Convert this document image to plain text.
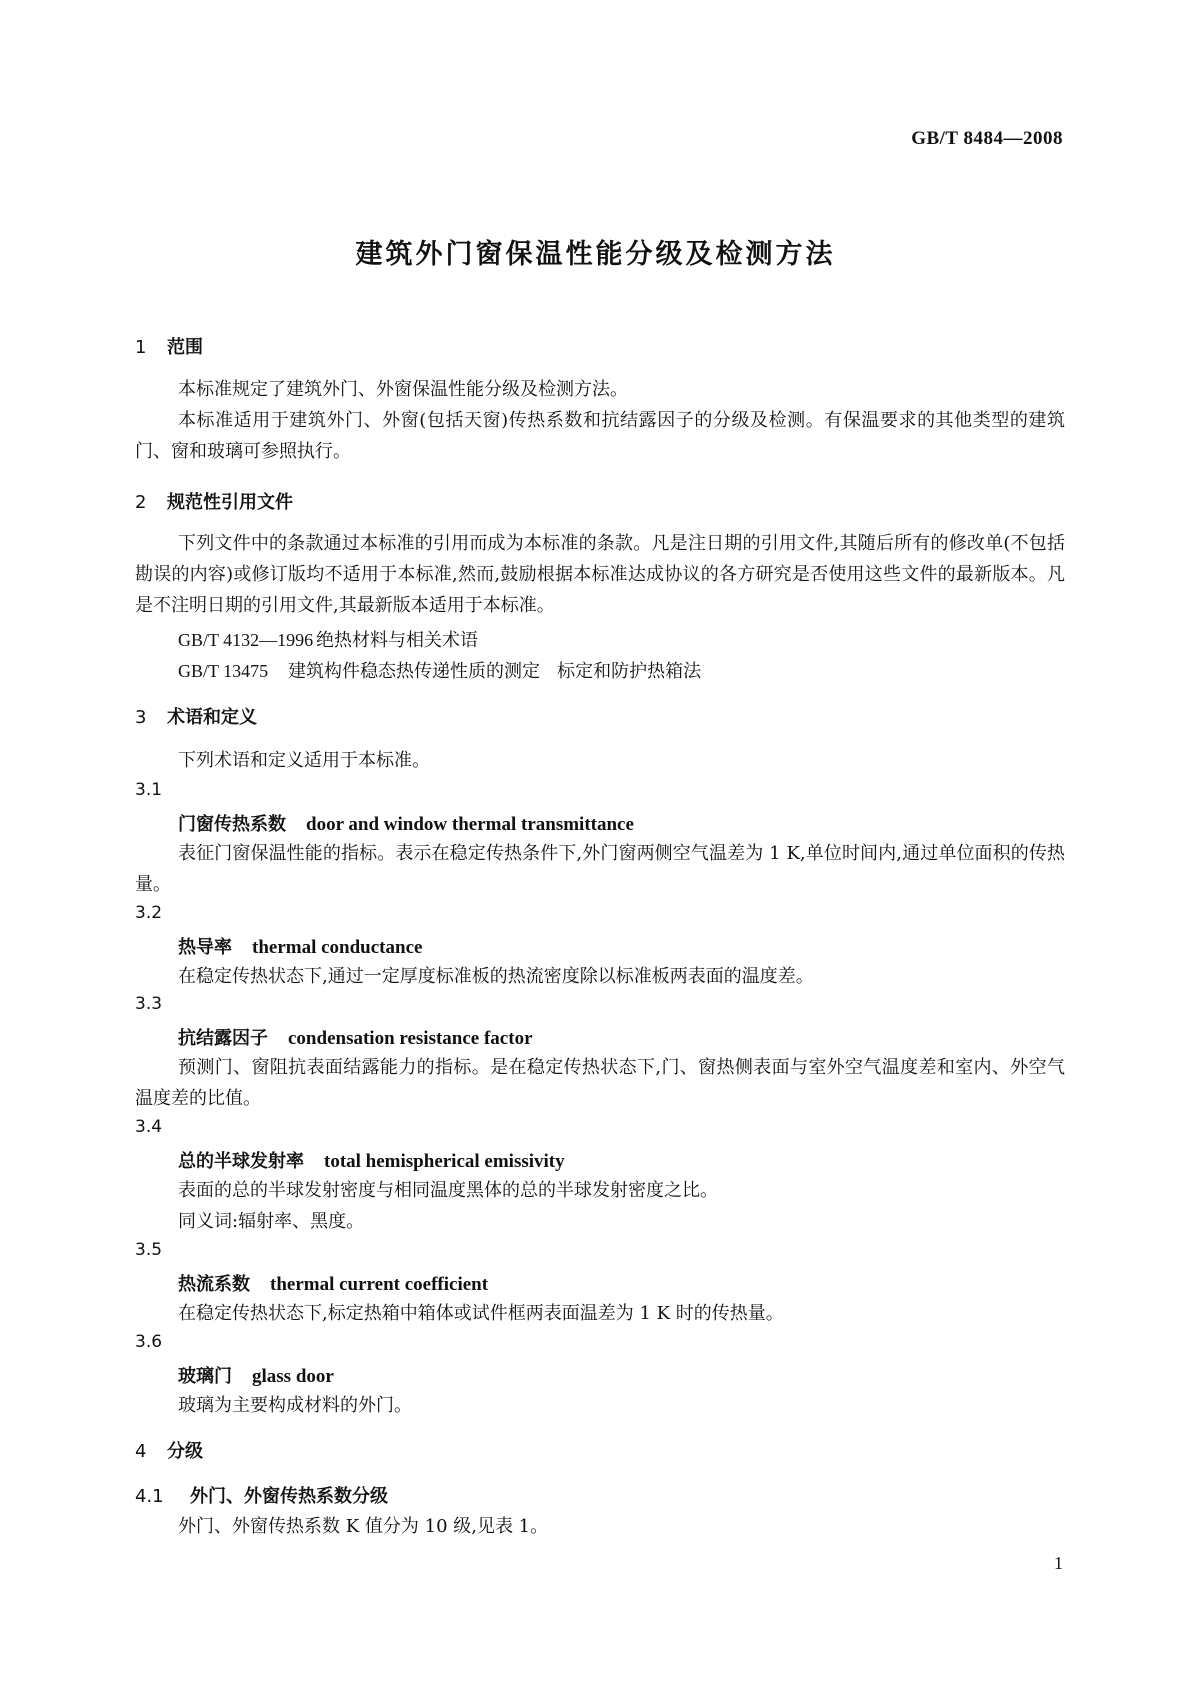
GB/T 8484—2008
建筑外门窗保温性能分级及检测方法
1 范围
本标准规定了建筑外门、外窗保温性能分级及检测方法。

本标准适用于建筑外门、外窗(包括天窗)传热系数和抗结露因子的分级及检测。有保温要求的其他类型的建筑门、窗和玻璃可参照执行。

2 规范性引用文件

下列文件中的条款通过本标准的引用而成为本标准的条款。凡是注日期的引用文件,其随后所有的修改单(不包括勘误的内容)或修订版均不适用于本标准,然而,鼓励根据本标准达成协议的各方研究是否使用这些文件的最新版本。凡是不注明日期的引用文件,其最新版本适用于本标准。

GB/T 4132—1996 绝热材料与相关术语
GB/T 13475 建筑构件稳态热传递性质的测定   标定和防护热箱法
3 术语和定义
下列术语和定义适用于本标准。
3.1
门窗传热系数 door and window thermal transmittance

表征门窗保温性能的指标。表示在稳定传热条件下,外门窗两侧空气温差为 1 K,单位时间内,通过单位面积的传热量。

3.2
热导率 thermal conductance
在稳定传热状态下,通过一定厚度标准板的热流密度除以标准板两表面的温度差。
3.3
抗结露因子 condensation resistance factor

预测门、窗阻抗表面结露能力的指标。是在稳定传热状态下,门、窗热侧表面与室外空气温度差和室内、外空气温度差的比值。

3.4
总的半球发射率 total hemispherical emissivity
表面的总的半球发射密度与相同温度黑体的总的半球发射密度之比。
同义词:辐射率、黑度。
3.5
热流系数 thermal current coefficient
在稳定传热状态下,标定热箱中箱体或试件框两表面温差为 1 K 时的传热量。
3.6
玻璃门 glass door
玻璃为主要构成材料的外门。
4 分级
4.1 外门、外窗传热系数分级
外门、外窗传热系数 K 值分为 10 级,见表 1。
1
